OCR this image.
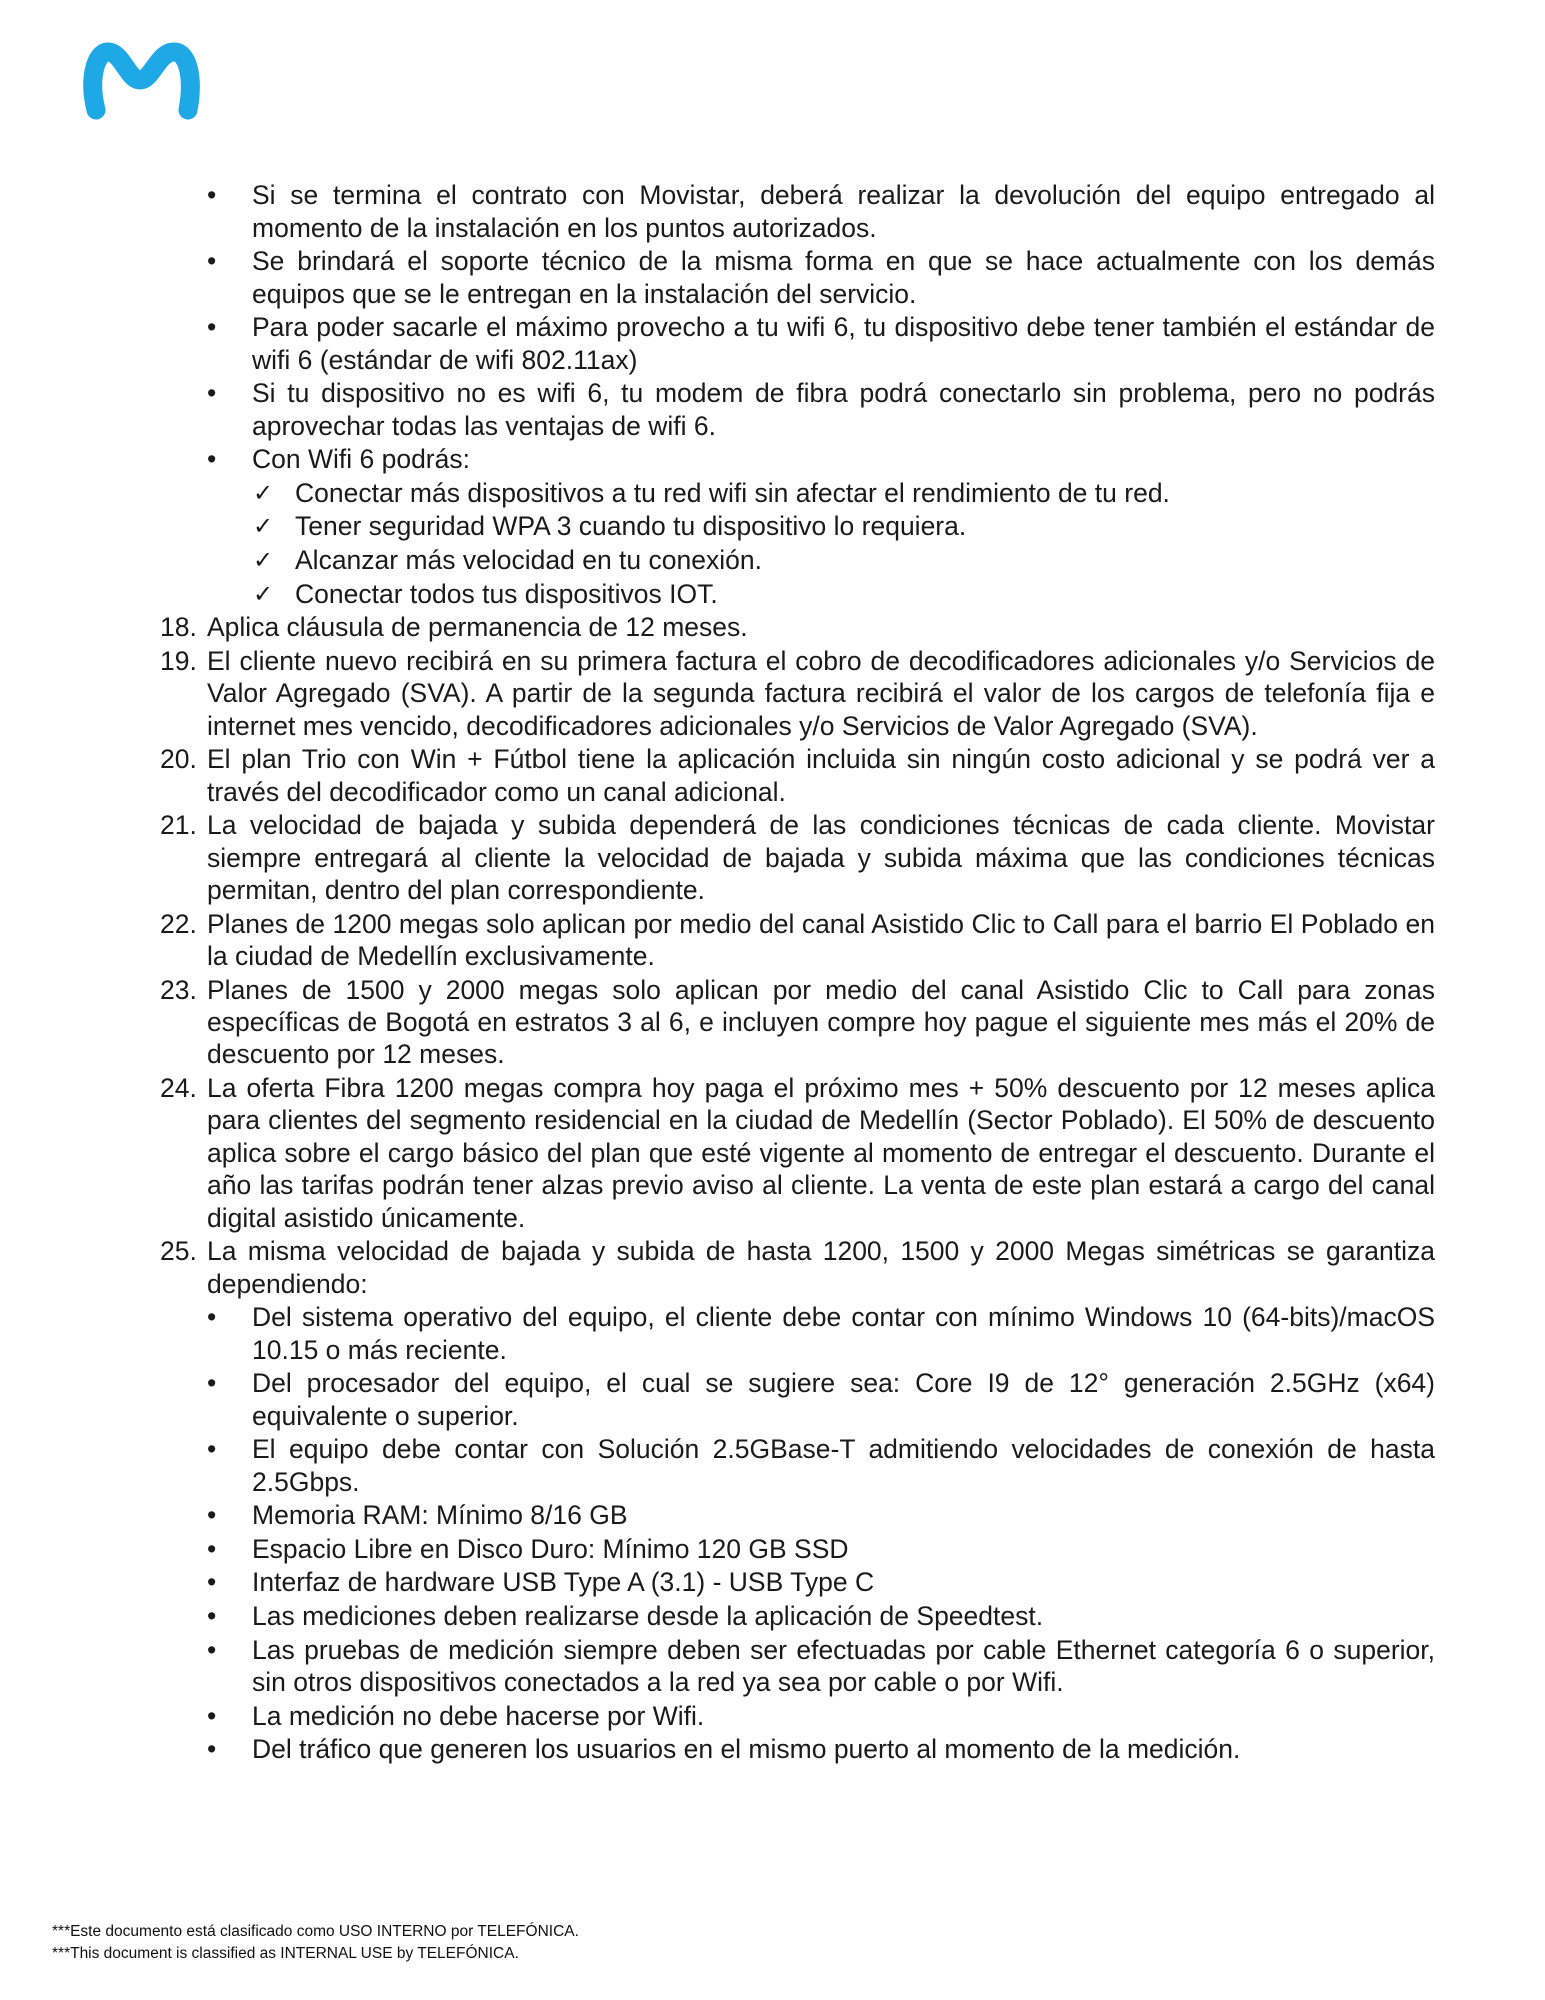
• Si se termina el contrato con Movistar, deberá realizar la devolución del equipo entregado al momento de la instalación en los puntos autorizados.
• Se brindará el soporte técnico de la misma forma en que se hace actualmente con los demás equipos que se le entregan en la instalación del servicio.
• Para poder sacarle el máximo provecho a tu wifi 6, tu dispositivo debe tener también el estándar de wifi 6 (estándar de wifi 802.11ax)
• Si tu dispositivo no es wifi 6, tu modem de fibra podrá conectarlo sin problema, pero no podrás aprovechar todas las ventajas de wifi 6.
• Con Wifi 6 podrás:
✓ Conectar más dispositivos a tu red wifi sin afectar el rendimiento de tu red.
✓ Tener seguridad WPA 3 cuando tu dispositivo lo requiera.
✓ Alcanzar más velocidad en tu conexión.
✓ Conectar todos tus dispositivos IOT.
18. Aplica cláusula de permanencia de 12 meses.
19. El cliente nuevo recibirá en su primera factura el cobro de decodificadores adicionales y/o Servicios de Valor Agregado (SVA). A partir de la segunda factura recibirá el valor de los cargos de telefonía fija e internet mes vencido, decodificadores adicionales y/o Servicios de Valor Agregado (SVA).
20. El plan Trio con Win + Fútbol tiene la aplicación incluida sin ningún costo adicional y se podrá ver a través del decodificador como un canal adicional.
21. La velocidad de bajada y subida dependerá de las condiciones técnicas de cada cliente. Movistar siempre entregará al cliente la velocidad de bajada y subida máxima que las condiciones técnicas permitan, dentro del plan correspondiente.
22. Planes de 1200 megas solo aplican por medio del canal Asistido Clic to Call para el barrio El Poblado en la ciudad de Medellín exclusivamente.
23. Planes de 1500 y 2000 megas solo aplican por medio del canal Asistido Clic to Call para zonas específicas de Bogotá en estratos 3 al 6, e incluyen compre hoy pague el siguiente mes más el 20% de descuento por 12 meses.
24. La oferta Fibra 1200 megas compra hoy paga el próximo mes + 50% descuento por 12 meses aplica para clientes del segmento residencial en la ciudad de Medellín (Sector Poblado). El 50% de descuento aplica sobre el cargo básico del plan que esté vigente al momento de entregar el descuento. Durante el año las tarifas podrán tener alzas previo aviso al cliente. La venta de este plan estará a cargo del canal digital asistido únicamente.
25. La misma velocidad de bajada y subida de hasta 1200, 1500 y 2000 Megas simétricas se garantiza dependiendo:
• Del sistema operativo del equipo, el cliente debe contar con mínimo Windows 10 (64-bits)/macOS 10.15 o más reciente.
• Del procesador del equipo, el cual se sugiere sea: Core I9 de 12° generación 2.5GHz (x64) equivalente o superior.
• El equipo debe contar con Solución 2.5GBase-T admitiendo velocidades de conexión de hasta 2.5Gbps.
• Memoria RAM: Mínimo 8/16 GB
• Espacio Libre en Disco Duro: Mínimo 120 GB SSD
• Interfaz de hardware USB Type A (3.1) - USB Type C
• Las mediciones deben realizarse desde la aplicación de Speedtest.
• Las pruebas de medición siempre deben ser efectuadas por cable Ethernet categoría 6 o superior, sin otros dispositivos conectados a la red ya sea por cable o por Wifi.
• La medición no debe hacerse por Wifi.
• Del tráfico que generen los usuarios en el mismo puerto al momento de la medición.
***Este documento está clasificado como USO INTERNO por TELEFÓNICA.
***This document is classified as INTERNAL USE by TELEFÓNICA.
